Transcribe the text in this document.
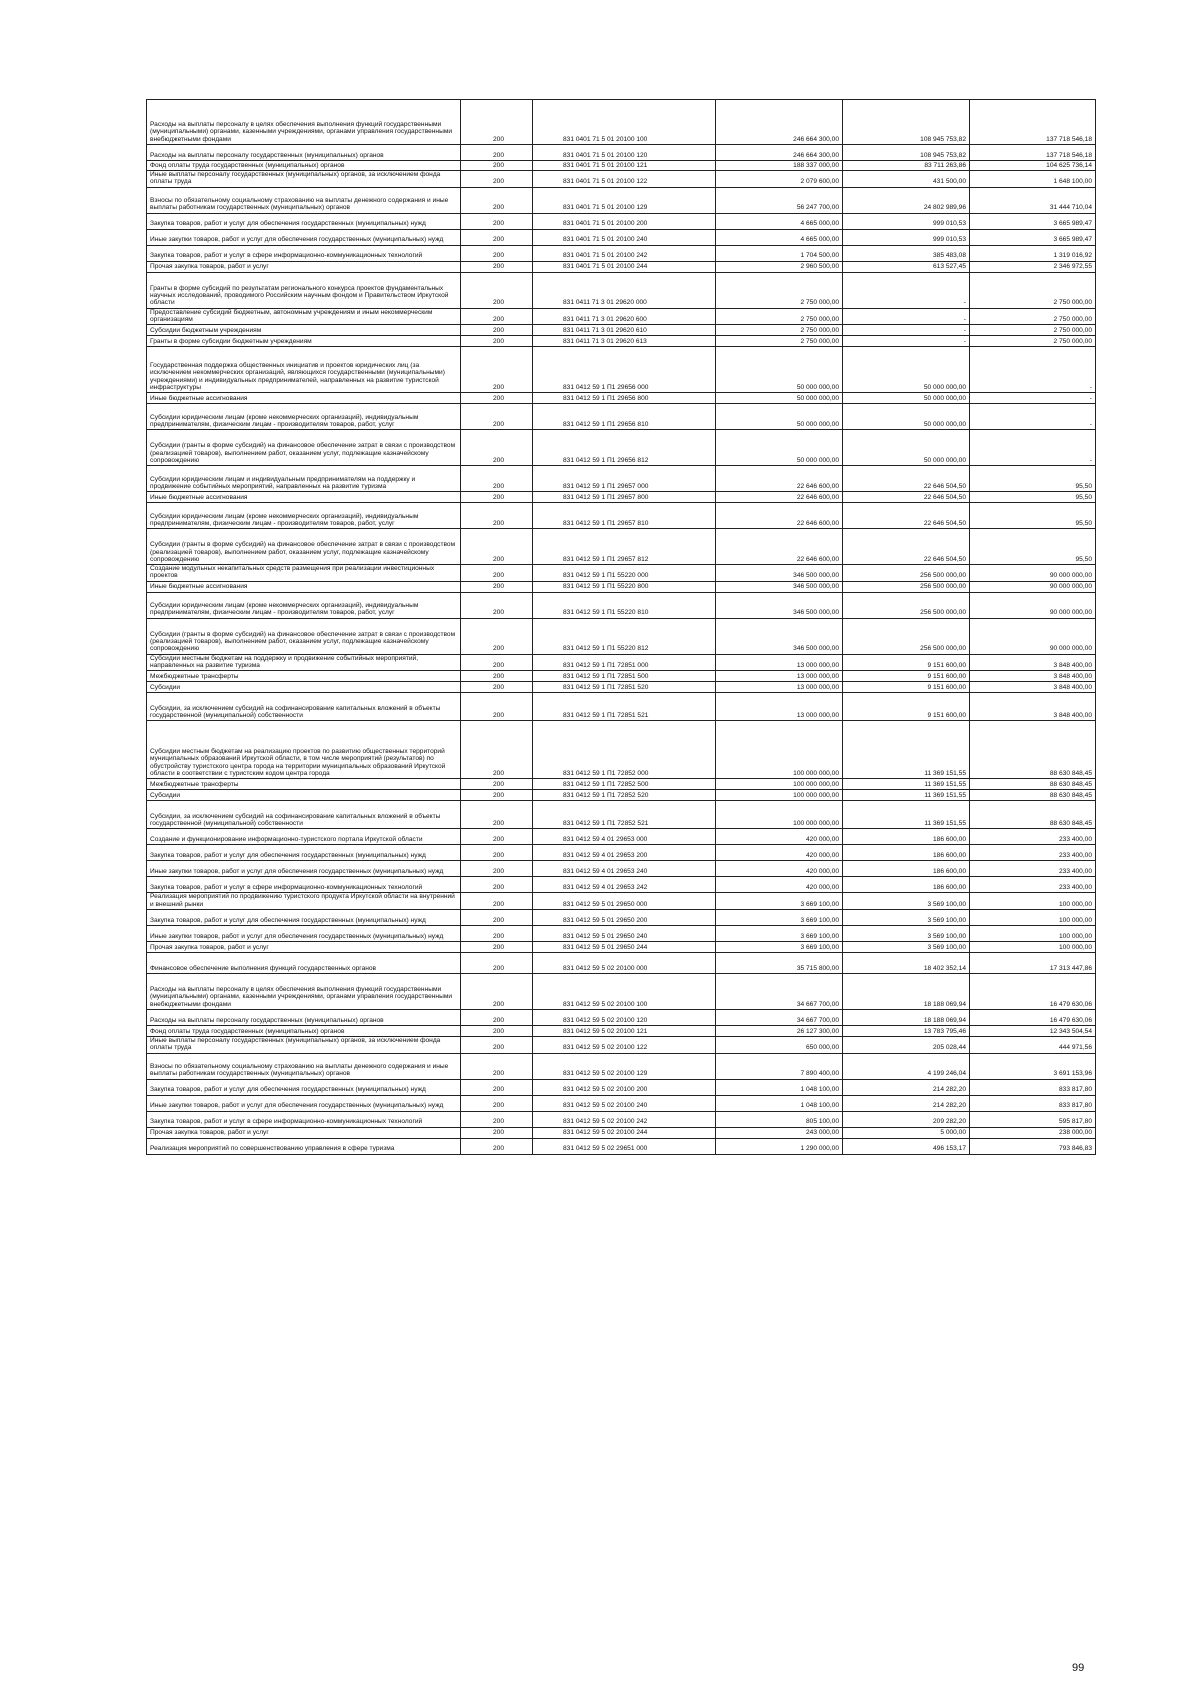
Расходы на выплаты персоналу в целях обеспечения выполнения функций государственными (муниципальными) органами, казенными учреждениями, органами управления государственными внебюджетными фондами	200	831 0401 71 5 01 20100 100	246 664 300,00	108 945 753,82	137 718 546,18
Расходы на выплаты персоналу государственных (муниципальных) органов	200	831 0401 71 5 01 20100 120	246 664 300,00	108 945 753,82	137 718 546,18
Фонд оплаты труда государственных (муниципальных) органов	200	831 0401 71 5 01 20100 121	188 337 000,00	83 711 263,86	104 625 736,14
Иные выплаты персоналу государственных (муниципальных) органов, за исключением фонда оплаты труда	200	831 0401 71 5 01 20100 122	2 079 600,00	431 500,00	1 648 100,00
Взносы по обязательному социальному страхованию на выплаты денежного содержания и иные выплаты работникам государственных (муниципальных) органов	200	831 0401 71 5 01 20100 129	56 247 700,00	24 802 989,96	31 444 710,04
Закупка товаров, работ и услуг для обеспечения государственных (муниципальных) нужд	200	831 0401 71 5 01 20100 200	4 665 000,00	999 010,53	3 665 989,47
Иные закупки товаров, работ и услуг для обеспечения государственных (муниципальных) нужд	200	831 0401 71 5 01 20100 240	4 665 000,00	999 010,53	3 665 989,47
Закупка товаров, работ и услуг в сфере информационно-коммуникационных технологий	200	831 0401 71 5 01 20100 242	1 704 500,00	385 483,08	1 319 016,92
Прочая закупка товаров, работ и услуг	200	831 0401 71 5 01 20100 244	2 960 500,00	613 527,45	2 346 972,55
Гранты в форме субсидий по результатам регионального конкурса проектов фундаментальных научных исследований, проводимого Российским научным фондом и Правительством Иркутской области	200	831 0411 71 3 01 29620 000	2 750 000,00	-	2 750 000,00
Предоставление субсидий бюджетным, автономным учреждениям и иным некоммерческим организациям	200	831 0411 71 3 01 29620 600	2 750 000,00	-	2 750 000,00
Субсидии бюджетным учреждениям	200	831 0411 71 3 01 29620 610	2 750 000,00	-	2 750 000,00
Гранты в форме субсидии бюджетным учреждениям	200	831 0411 71 3 01 29620 613	2 750 000,00	-	2 750 000,00
Государственная поддержка общественных инициатив и проектов юридических лиц (за исключением некоммерческих организаций, являющихся государственными (муниципальными) учреждениями) и индивидуальных предпринимателей, направленных на развитие туристской инфраструктуры	200	831 0412 59 1 П1 29656 000	50 000 000,00	50 000 000,00	-
Иные бюджетные ассигнования	200	831 0412 59 1 П1 29656 800	50 000 000,00	50 000 000,00	-
Субсидии юридическим лицам (кроме некоммерческих организаций), индивидуальным предпринимателям, физическим лицам - производителям товаров, работ, услуг	200	831 0412 59 1 П1 29656 810	50 000 000,00	50 000 000,00	-
Субсидии (гранты в форме субсидий) на финансовое обеспечение затрат в связи с производством (реализацией товаров), выполнением работ, оказанием услуг, подлежащие казначейскому сопровождению	200	831 0412 59 1 П1 29656 812	50 000 000,00	50 000 000,00	-
Субсидии юридическим лицам и индивидуальным предпринимателям на поддержку и продвижение событийных мероприятий, направленных на развитие туризма	200	831 0412 59 1 П1 29657 000	22 646 600,00	22 646 504,50	95,50
Иные бюджетные ассигнования	200	831 0412 59 1 П1 29657 800	22 646 600,00	22 646 504,50	95,50
Субсидии юридическим лицам (кроме некоммерческих организаций), индивидуальным предпринимателям, физическим лицам - производителям товаров, работ, услуг	200	831 0412 59 1 П1 29657 810	22 646 600,00	22 646 504,50	95,50
Субсидии (гранты в форме субсидий) на финансовое обеспечение затрат в связи с производством (реализацией товаров), выполнением работ, оказанием услуг, подлежащие казначейскому сопровождению	200	831 0412 59 1 П1 29657 812	22 646 600,00	22 646 504,50	95,50
Создание модульных некапитальных средств размещения при реализации инвестиционных проектов	200	831 0412 59 1 П1 55220 000	346 500 000,00	256 500 000,00	90 000 000,00
Иные бюджетные ассигнования	200	831 0412 59 1 П1 55220 800	346 500 000,00	256 500 000,00	90 000 000,00
Субсидии юридическим лицам (кроме некоммерческих организаций), индивидуальным предпринимателям, физическим лицам - производителям товаров, работ, услуг	200	831 0412 59 1 П1 55220 810	346 500 000,00	256 500 000,00	90 000 000,00
Субсидии (гранты в форме субсидий) на финансовое обеспечение затрат в связи с производством (реализацией товаров), выполнением работ, оказанием услуг, подлежащие казначейскому сопровождению	200	831 0412 59 1 П1 55220 812	346 500 000,00	256 500 000,00	90 000 000,00
Субсидии местным бюджетам на поддержку и продвижение событийных мероприятий, направленных на развитие туризма	200	831 0412 59 1 П1 72851 000	13 000 000,00	9 151 600,00	3 848 400,00
Межбюджетные трансферты	200	831 0412 59 1 П1 72851 500	13 000 000,00	9 151 600,00	3 848 400,00
Субсидии	200	831 0412 59 1 П1 72851 520	13 000 000,00	9 151 600,00	3 848 400,00
Субсидии, за исключением субсидий на софинансирование капитальных вложений в объекты государственной (муниципальной) собственности	200	831 0412 59 1 П1 72851 521	13 000 000,00	9 151 600,00	3 848 400,00
Субсидии местным бюджетам на реализацию проектов по развитию общественных территорий муниципальных образований Иркутской области, в том числе мероприятий (результатов) по обустройству туристского центра города на территории муниципальных образований Иркутской области в соответствии с туристским кодом центра города	200	831 0412 59 1 П1 72852 000	100 000 000,00	11 369 151,55	88 630 848,45
Межбюджетные трансферты	200	831 0412 59 1 П1 72852 500	100 000 000,00	11 369 151,55	88 630 848,45
Субсидии	200	831 0412 59 1 П1 72852 520	100 000 000,00	11 369 151,55	88 630 848,45
Субсидии, за исключением субсидий на софинансирование капитальных вложений в объекты государственной (муниципальной) собственности	200	831 0412 59 1 П1 72852 521	100 000 000,00	11 369 151,55	88 630 848,45
Создание и функционирование информационно-туристского портала Иркутской области	200	831 0412 59 4 01 29653 000	420 000,00	186 600,00	233 400,00
Закупка товаров, работ и услуг для обеспечения государственных (муниципальных) нужд	200	831 0412 59 4 01 29653 200	420 000,00	186 600,00	233 400,00
Иные закупки товаров, работ и услуг для обеспечения государственных (муниципальных) нужд	200	831 0412 59 4 01 29653 240	420 000,00	186 600,00	233 400,00
Закупка товаров, работ и услуг в сфере информационно-коммуникационных технологий	200	831 0412 59 4 01 29653 242	420 000,00	186 600,00	233 400,00
Реализация мероприятий по продвижению туристского продукта Иркутской области на внутренний и внешний рынки	200	831 0412 59 5 01 29650 000	3 669 100,00	3 569 100,00	100 000,00
Закупка товаров, работ и услуг для обеспечения государственных (муниципальных) нужд	200	831 0412 59 5 01 29650 200	3 669 100,00	3 569 100,00	100 000,00
Иные закупки товаров, работ и услуг для обеспечения государственных (муниципальных) нужд	200	831 0412 59 5 01 29650 240	3 669 100,00	3 569 100,00	100 000,00
Прочая закупка товаров, работ и услуг	200	831 0412 59 5 01 29650 244	3 669 100,00	3 569 100,00	100 000,00
Финансовое обеспечение выполнения функций государственных органов	200	831 0412 59 5 02 20100 000	35 715 800,00	18 402 352,14	17 313 447,86
Расходы на выплаты персоналу в целях обеспечения выполнения функций государственными (муниципальными) органами, казенными учреждениями, органами управления государственными внебюджетными фондами	200	831 0412 59 5 02 20100 100	34 667 700,00	18 188 069,94	16 479 630,06
Расходы на выплаты персоналу государственных (муниципальных) органов	200	831 0412 59 5 02 20100 120	34 667 700,00	18 188 069,94	16 479 630,06
Фонд оплаты труда государственных (муниципальных) органов	200	831 0412 59 5 02 20100 121	26 127 300,00	13 783 795,46	12 343 504,54
Иные выплаты персоналу государственных (муниципальных) органов, за исключением фонда оплаты труда	200	831 0412 59 5 02 20100 122	650 000,00	205 028,44	444 971,56
Взносы по обязательному социальному страхованию на выплаты денежного содержания и иные выплаты работникам государственных (муниципальных) органов	200	831 0412 59 5 02 20100 129	7 890 400,00	4 199 246,04	3 691 153,96
Закупка товаров, работ и услуг для обеспечения государственных (муниципальных) нужд	200	831 0412 59 5 02 20100 200	1 048 100,00	214 282,20	833 817,80
Иные закупки товаров, работ и услуг для обеспечения государственных (муниципальных) нужд	200	831 0412 59 5 02 20100 240	1 048 100,00	214 282,20	833 817,80
Закупка товаров, работ и услуг в сфере информационно-коммуникационных технологий	200	831 0412 59 5 02 20100 242	805 100,00	209 282,20	595 817,80
Прочая закупка товаров, работ и услуг	200	831 0412 59 5 02 20100 244	243 000,00	5 000,00	238 000,00
Реализация мероприятий по совершенствованию управления в сфере туризма	200	831 0412 59 5 02 29651 000	1 290 000,00	496 153,17	793 846,83
99
